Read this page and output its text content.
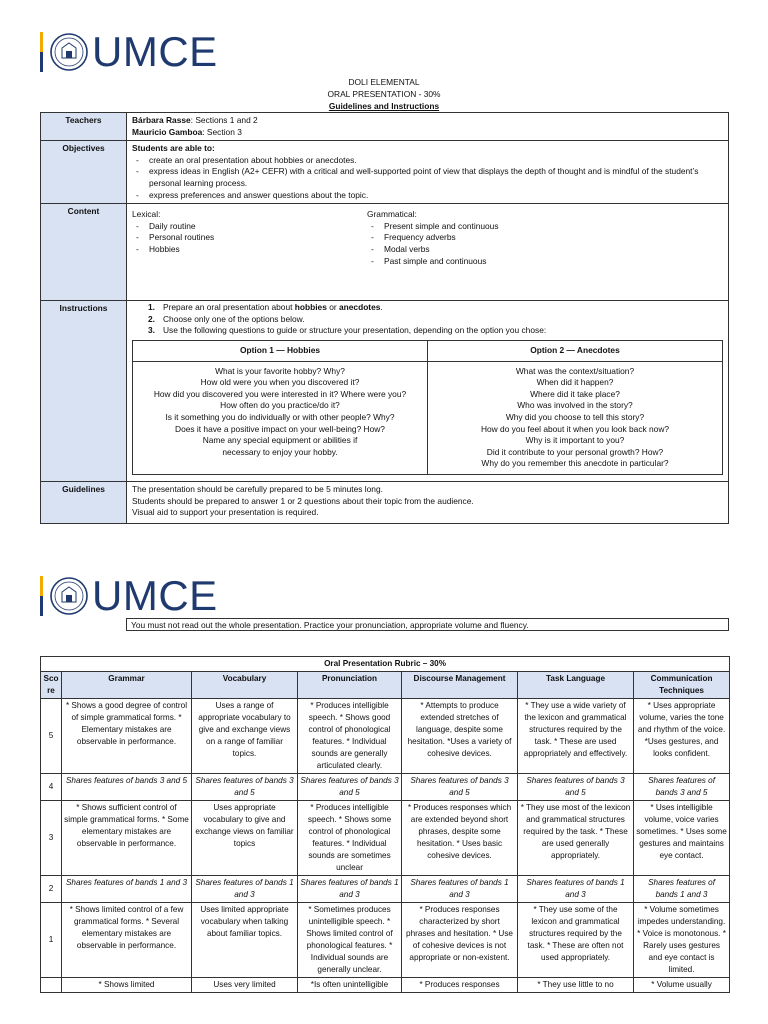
UMCE
DOLI ELEMENTAL
ORAL PRESENTATION - 30%
Guidelines and Instructions
Teachers	Bárbara Rasse: Sections 1 and 2
Mauricio Gamboa: Section 3

Objectives	Students are able to:
- create an oral presentation about hobbies or anecdotes.
- express ideas in English (A2+ CEFR) with a critical and well-supported point of view that displays the depth of thought and is mindful of the student’s personal learning process.
- express preferences and answer questions about the topic.

Content	Lexical:
- Daily routine
- Personal routines
- Hobbies
Grammatical:
- Present simple and continuous
- Frequency adverbs
- Modal verbs
- Past simple and continuous

Instructions	1. Prepare an oral presentation about hobbies or anecdotes.
2. Choose only one of the options below.
3. Use the following questions to guide or structure your presentation, depending on the option you chose:
Option 1 — Hobbies	Option 2 — Anecdotes

What is your favorite hobby? Why?
How old were you when you discovered it?
How did you discovered you were interested in it? Where were you?
How often do you practice/do it?
Is it something you do individually or with other people? Why?
Does it have a positive impact on your well-being? How?
Name any special equipment or abilities if necessary to enjoy your hobby.

What was the context/situation?
When did it happen?
Where did it take place?
Who was involved in the story?
Why did you choose to tell this story?
How do you feel about it when you look back now?
Why is it important to you?
Did it contribute to your personal growth? How?
Why do you remember this anecdote in particular?

Guidelines	The presentation should be carefully prepared to be 5 minutes long.
Students should be prepared to answer 1 or 2 questions about their topic from the audience.
Visual aid to support your presentation is required.
UMCE
You must not read out the whole presentation. Practice your pronunciation, appropriate volume and fluency.
Oral Presentation Rubric – 30%						
Score	Grammar	Vocabulary	Pronunciation	Discourse Management	Task Language	Communication Techniques
5	* Shows a good degree of control of simple grammatical forms. * Elementary mistakes are observable in performance.	Uses a range of appropriate vocabulary to give and exchange views on a range of familiar topics.	* Produces intelligible speech. * Shows good control of phonological features. * Individual sounds are generally articulated clearly.	* Attempts to produce extended stretches of language, despite some hesitation. *Uses a variety of cohesive devices.	* They use a wide variety of the lexicon and grammatical structures required by the task. * These are used appropriately and effectively.	* Uses appropriate volume, varies the tone and rhythm of the voice. *Uses gestures, and looks confident.
4	Shares features of bands 3 and 5	Shares features of bands 3 and 5	Shares features of bands 3 and 5	Shares features of bands 3 and 5	Shares features of bands 3 and 5	Shares features of bands 3 and 5
3	* Shows sufficient control of simple grammatical forms. * Some elementary mistakes are observable in performance.	Uses appropriate vocabulary to give and exchange views on familiar topics	* Produces intelligible speech. * Shows some control of phonological features. * Individual sounds are sometimes unclear	* Produces responses which are extended beyond short phrases, despite some hesitation. * Uses basic cohesive devices.	* They use most of the lexicon and grammatical structures required by the task. * These are used generally appropriately.	* Uses intelligible volume, voice varies sometimes. * Uses some gestures and maintains eye contact.
2	Shares features of bands 1 and 3	Shares features of bands 1 and 3	Shares features of bands 1 and 3	Shares features of bands 1 and 3	Shares features of bands 1 and 3	Shares features of bands 1 and 3
1	* Shows limited control of a few grammatical forms. * Several elementary mistakes are observable in performance.	Uses limited appropriate vocabulary when talking about familiar topics.	* Sometimes produces unintelligible speech. * Shows limited control of phonological features. * Individual sounds are generally unclear.	* Produces responses characterized by short phrases and hesitation. * Use of cohesive devices is not appropriate or non-existent.	* They use some of the lexicon and grammatical structures required by the task. * These are often not used appropriately.	* Volume sometimes impedes understanding. * Voice is monotonous. * Rarely uses gestures and eye contact is limited.
	* Shows limited	Uses very limited	*Is often unintelligible	* Produces responses	* They use little to no	* Volume usually
